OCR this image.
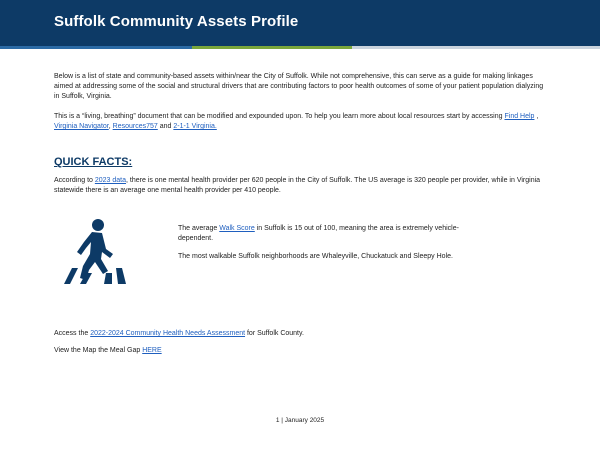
Suffolk Community Assets Profile

Below is a list of state and community-based assets within/near the City of Suffolk. While not comprehensive, this can serve as a guide for making linkages aimed at addressing some of the social and structural drivers that are contributing factors to poor health outcomes of some of your patient population dialyzing in Suffolk, Virginia.

This is a “living, breathing” document that can be modified and expounded upon. To help you learn more about local resources start by accessing Find Help , Virginia Navigator, Resources757 and 2-1-1 Virginia.

QUICK FACTS:

According to 2023 data, there is one mental health provider per 620 people in the City of Suffolk. The US average is 320 people per provider, while in Virginia statewide there is an average one mental health provider per 410 people.

The average Walk Score in Suffolk is 15 out of 100, meaning the area is extremely vehicle-dependent.

The most walkable Suffolk neighborhoods are Whaleyville, Chuckatuck and Sleepy Hole.

Access the 2022-2024 Community Health Needs Assessment for Suffolk County.

View the Map the Meal Gap HERE

1 | January 2025
